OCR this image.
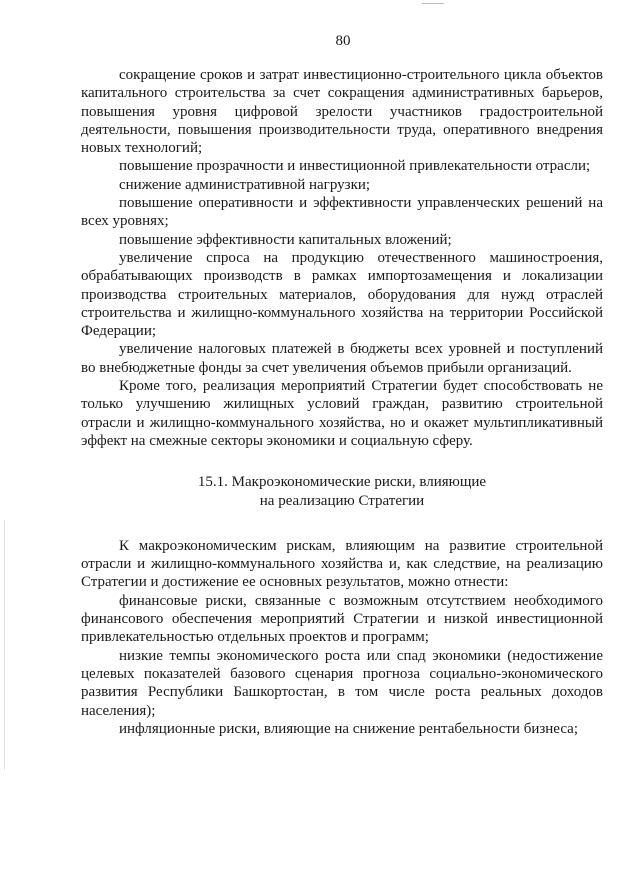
80

сокращение сроков и затрат инвестиционно-строительного цикла объектов капитального строительства за счет сокращения административных барьеров, повышения уровня цифровой зрелости участников градостроительной деятельности, повышения производительности труда, оперативного внедрения новых технологий;

повышение прозрачности и инвестиционной привлекательности отрасли;

снижение административной нагрузки;

повышение оперативности и эффективности управленческих решений на всех уровнях;

повышение эффективности капитальных вложений;

увеличение спроса на продукцию отечественного машиностроения, обрабатывающих производств в рамках импортозамещения и локализации производства строительных материалов, оборудования для нужд отраслей строительства и жилищно-коммунального хозяйства на территории Российской Федерации;

увеличение налоговых платежей в бюджеты всех уровней и поступлений во внебюджетные фонды за счет увеличения объемов прибыли организаций.

Кроме того, реализация мероприятий Стратегии будет способствовать не только улучшению жилищных условий граждан, развитию строительной отрасли и жилищно-коммунального хозяйства, но и окажет мультипликативный эффект на смежные секторы экономики и социальную сферу.

15.1. Макроэкономические риски, влияющие
на реализацию Стратегии

К макроэкономическим рискам, влияющим на развитие строительной отрасли и жилищно-коммунального хозяйства и, как следствие, на реализацию Стратегии и достижение ее основных результатов, можно отнести:

финансовые риски, связанные с возможным отсутствием необходимого финансового обеспечения мероприятий Стратегии и низкой инвестиционной привлекательностью отдельных проектов и программ;

низкие темпы экономического роста или спад экономики (недостижение целевых показателей базового сценария прогноза социально-экономического развития Республики Башкортостан, в том числе роста реальных доходов населения);

инфляционные риски, влияющие на снижение рентабельности бизнеса;
